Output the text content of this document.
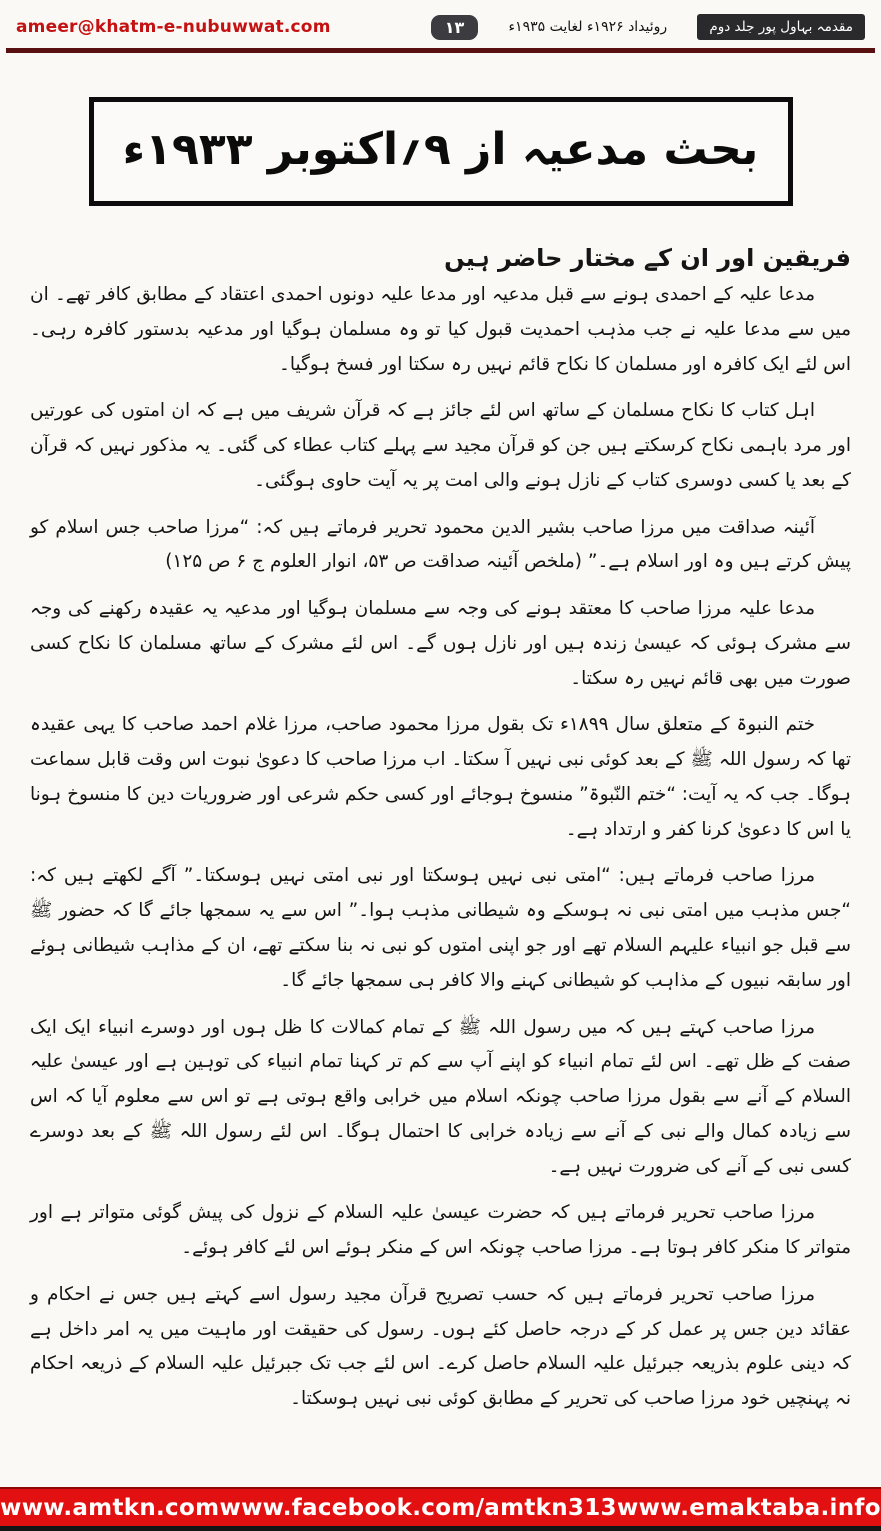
ameer@khatm-e-nubuwwat.com	۱۳	روئیداد ۱۹۲۶ء لغایت ۱۹۳۵ء	مقدمہ بہاول پور جلد دوم
بحث مدعیہ از ۹؍اکتوبر ۱۹۳۳ء
فریقین اور ان کے مختار حاضر ہیں

مدعا علیہ کے احمدی ہونے سے قبل مدعیہ اور مدعا علیہ دونوں احمدی اعتقاد کے مطابق کافر تھے۔ ان میں سے مدعا علیہ نے جب مذہب احمدیت قبول کیا تو وہ مسلمان ہوگیا اور مدعیہ بدستور کافرہ رہی۔ اس لئے ایک کافرہ اور مسلمان کا نکاح قائم نہیں رہ سکتا اور فسخ ہوگیا۔

اہل کتاب کا نکاح مسلمان کے ساتھ اس لئے جائز ہے کہ قرآن شریف میں ہے کہ ان امتوں کی عورتیں اور مرد باہمی نکاح کرسکتے ہیں جن کو قرآن مجید سے پہلے کتاب عطاء کی گئی۔ یہ مذکور نہیں کہ قرآن کے بعد یا کسی دوسری کتاب کے نازل ہونے والی امت پر یہ آیت حاوی ہوگئی۔

آئینہ صداقت میں مرزا صاحب بشیر الدین محمود تحریر فرماتے ہیں کہ: “مرزا صاحب جس اسلام کو پیش کرتے ہیں وہ اور اسلام ہے۔” (ملخص آئینہ صداقت ص ۵۳، انوار العلوم ج ۶ ص ۱۲۵)

مدعا علیہ مرزا صاحب کا معتقد ہونے کی وجہ سے مسلمان ہوگیا اور مدعیہ یہ عقیدہ رکھنے کی وجہ سے مشرک ہوئی کہ عیسیٰ زندہ ہیں اور نازل ہوں گے۔ اس لئے مشرک کے ساتھ مسلمان کا نکاح کسی صورت میں بھی قائم نہیں رہ سکتا۔

ختم النبوۃ کے متعلق سال ۱۸۹۹ء تک بقول مرزا محمود صاحب، مرزا غلام احمد صاحب کا یہی عقیدہ تھا کہ رسول اللہ ﷺ کے بعد کوئی نبی نہیں آ سکتا۔ اب مرزا صاحب کا دعویٰ نبوت اس وقت قابل سماعت ہوگا۔ جب کہ یہ آیت: “ختم النّبوۃ” منسوخ ہوجائے اور کسی حکم شرعی اور ضروریات دین کا منسوخ ہونا یا اس کا دعویٰ کرنا کفر و ارتداد ہے۔

مرزا صاحب فرماتے ہیں: “امتی نبی نہیں ہوسکتا اور نبی امتی نہیں ہوسکتا۔” آگے لکھتے ہیں کہ: “جس مذہب میں امتی نبی نہ ہوسکے وہ شیطانی مذہب ہوا۔” اس سے یہ سمجھا جائے گا کہ حضور ﷺ سے قبل جو انبیاء علیہم السلام تھے اور جو اپنی امتوں کو نبی نہ بنا سکتے تھے، ان کے مذاہب شیطانی ہوئے اور سابقہ نبیوں کے مذاہب کو شیطانی کہنے والا کافر ہی سمجھا جائے گا۔

مرزا صاحب کہتے ہیں کہ میں رسول اللہ ﷺ کے تمام کمالات کا ظل ہوں اور دوسرے انبیاء ایک ایک صفت کے ظل تھے۔ اس لئے تمام انبیاء کو اپنے آپ سے کم تر کہنا تمام انبیاء کی توہین ہے اور عیسیٰ علیہ السلام کے آنے سے بقول مرزا صاحب چونکہ اسلام میں خرابی واقع ہوتی ہے تو اس سے معلوم آیا کہ اس سے زیادہ کمال والے نبی کے آنے سے زیادہ خرابی کا احتمال ہوگا۔ اس لئے رسول اللہ ﷺ کے بعد دوسرے کسی نبی کے آنے کی ضرورت نہیں ہے۔

مرزا صاحب تحریر فرماتے ہیں کہ حضرت عیسیٰ علیہ السلام کے نزول کی پیش گوئی متواتر ہے اور متواتر کا منکر کافر ہوتا ہے۔ مرزا صاحب چونکہ اس کے منکر ہوئے اس لئے کافر ہوئے۔

مرزا صاحب تحریر فرماتے ہیں کہ حسب تصریح قرآن مجید رسول اسے کہتے ہیں جس نے احکام و عقائد دین جس پر عمل کر کے درجہ حاصل کئے ہوں۔ رسول کی حقیقت اور ماہیت میں یہ امر داخل ہے کہ دینی علوم بذریعہ جبرئیل علیہ السلام حاصل کرے۔ اس لئے جب تک جبرئیل علیہ السلام کے ذریعہ احکام نہ پہنچیں خود مرزا صاحب کی تحریر کے مطابق کوئی نبی نہیں ہوسکتا۔

www.amtkn.com www.facebook.com/amtkn313 www.emaktaba.info
